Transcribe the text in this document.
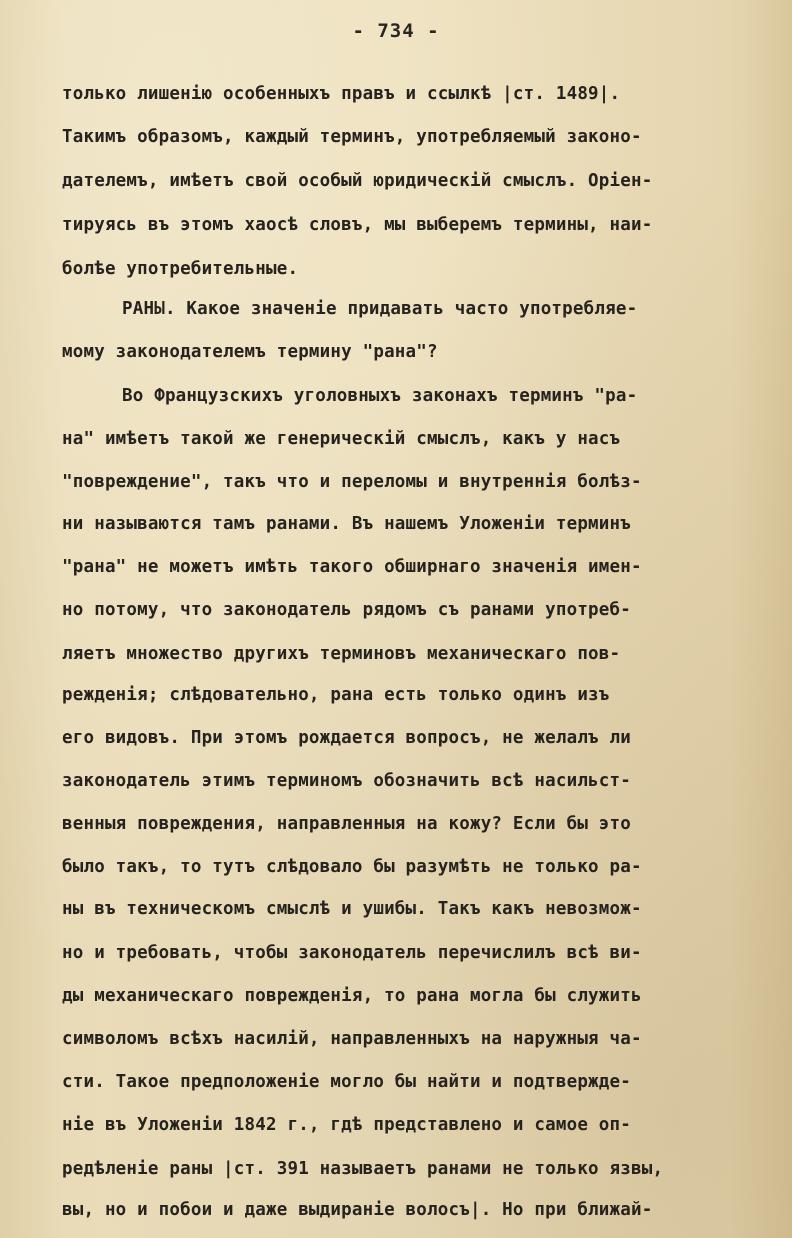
- 734 -
только лишенію особенныхъ правъ и ссылкѣ |ст. 1489|.
Такимъ образомъ, каждый терминъ, употребляемый законо-
дателемъ, имѣетъ свой особый юридическій смыслъ. Оріен-
тируясь въ этомъ хаосѣ словъ, мы выберемъ термины, наи-
болѣе употребительные.
РАНЫ. Какое значеніе придавать часто употребляе-
мому законодателемъ термину "рана"?
Во Французскихъ уголовныхъ законахъ терминъ "ра-
на" имѣетъ такой же генерическій смыслъ, какъ у насъ
"повреждение", такъ что и переломы и внутреннія болѣз-
ни называются тамъ ранами. Въ нашемъ Уложеніи терминъ
"рана" не можетъ имѣть такого обширнаго значенія имен-
но потому, что законодатель рядомъ съ ранами употреб-
ляетъ множество другихъ терминовъ механическаго пов-
режденія; слѣдовательно, рана есть только одинъ изъ
его видовъ. При этомъ рождается вопросъ, не желалъ ли
законодатель этимъ терминомъ обозначить всѣ насильст-
венныя повреждения, направленныя на кожу? Если бы это
было такъ, то тутъ слѣдовало бы разумѣть не только ра-
ны въ техническомъ смыслѣ и ушибы. Такъ какъ невозмож-
но и требовать, чтобы законодатель перечислилъ всѣ ви-
ды механическаго поврежденія, то рана могла бы служить
символомъ всѣхъ насилій, направленныхъ на наружныя ча-
сти. Такое предположеніе могло бы найти и подтвержде-
ніе въ Уложеніи 1842 г., гдѣ представлено и самое оп-
редѣленіе раны |ст. 391 называетъ ранами не только язвы,
вы, но и побои и даже выдираніе волосъ|. Но при ближай-
